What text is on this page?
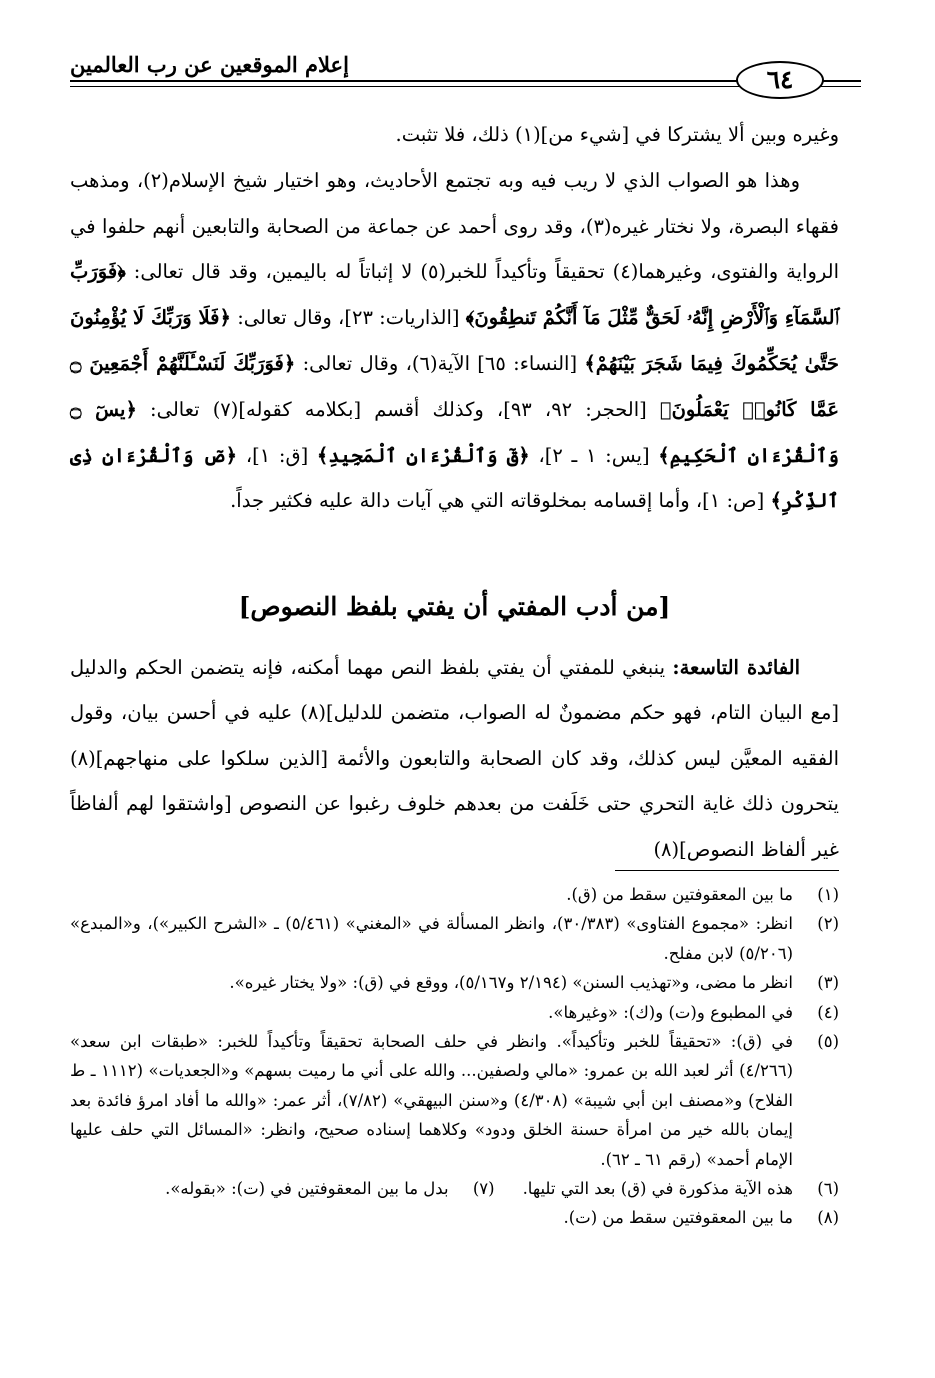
إعلام الموقعين عن رب العالمين
٦٤

وغيره وبين ألا يشتركا في [شيء من](١) ذلك، فلا تثبت.

  وهذا هو الصواب الذي لا ريب فيه وبه تجتمع الأحاديث، وهو اختيار شيخ الإسلام(٢)، ومذهب فقهاء البصرة، ولا نختار غيره(٣)، وقد روى أحمد عن جماعة من الصحابة والتابعين أنهم حلفوا في الرواية والفتوى، وغيرهما(٤) تحقيقاً وتأكيداً للخبر(٥) لا إثباتاً له باليمين، وقد قال تعالى: ﴿فَوَرَبِّ ٱلسَّمَآءِ وَٱلْأَرْضِ إِنَّهُۥ لَحَقٌّ مِّثْلَ مَآ أَنَّكُمْ تَنطِقُونَ﴾ [الذاريات: ٢٣]، وقال تعالى: ﴿فَلَا وَرَبِّكَ لَا يُؤْمِنُونَ حَتَّىٰ يُحَكِّمُوكَ فِيمَا شَجَرَ بَيْنَهُمْ﴾ [النساء: ٦٥] الآية(٦)، وقال تعالى: ﴿فَوَرَبِّكَ لَنَسْـَٔلَنَّهُمْ أَجْمَعِينَ ۝ عَمَّا كَانُوا۟ يَعْمَلُونَ﴾ [الحجر: ٩٢، ٩٣]، وكذلك أقسم [بكلامه كقوله](٧) تعالى: ﴿يسٓ ۝ وَٱلْقُرْءَانِ ٱلْحَكِيمِ﴾ [يس: ١ ـ ٢]، ﴿قٓ وَٱلْقُرْءَانِ ٱلْمَجِيدِ﴾ [ق: ١]، ﴿صٓ وَٱلْقُرْءَانِ ذِى ٱلذِّكْرِ﴾ [ص: ١]، وأما إقسامه بمخلوقاته التي هي آيات دالة عليه فكثير جداً.

[من أدب المفتي أن يفتي بلفظ النصوص]

  الفائدة التاسعة: ينبغي للمفتي أن يفتي بلفظ النص مهما أمكنه، فإنه يتضمن الحكم والدليل [مع البيان التام، فهو حكم مضمونٌ له الصواب، متضمن للدليل](٨) عليه في أحسن بيان، وقول الفقيه المعيَّن ليس كذلك، وقد كان الصحابة والتابعون والأئمة [الذين سلكوا على منهاجهم](٨) يتحرون ذلك غاية التحري حتى خَلَفت من بعدهم خلوف رغبوا عن النصوص [واشتقوا لهم ألفاظاً غير ألفاظ النصوص](٨)

(١)
ما بين المعقوفتين سقط من (ق).
(٢)
انظر: «مجموع الفتاوى» (٣٠/٣٨٣)، وانظر المسألة في «المغني» (٥/٤٦١) ـ «الشرح الكبير»)، و«المبدع» (٥/٢٠٦) لابن مفلح.
(٣)
انظر ما مضى، و«تهذيب السنن» (٢/١٩٤ و٥/١٦٧)، ووقع في (ق): «ولا يختار غيره».
(٤)
في المطبوع و(ت) و(ك): «وغيرها».
(٥)
في (ق): «تحقيقاً للخبر وتأكيداً». وانظر في حلف الصحابة تحقيقاً وتأكيداً للخبر: «طبقات ابن سعد» (٤/٢٦٦) أثر لعبد الله بن عمرو: «مالي ولصفين... والله على أني ما رميت بسهم» و«الجعديات» (١١١٢ ـ ط الفلاح) و«مصنف ابن أبي شيبة» (٤/٣٠٨) و«سنن البيهقي» (٧/٨٢)، أثر عمر: «والله ما أفاد امرؤ فائدة بعد إيمان بالله خير من امرأة حسنة الخلق ودود» وكلاهما إسناده صحيح، وانظر: «المسائل التي حلف عليها الإمام أحمد» (رقم ٦١ ـ ٦٢).
(٦)
هذه الآية مذكورة في (ق) بعد التي تليها.
(٧)
بدل ما بين المعقوفتين في (ت): «بقوله».
(٨)
ما بين المعقوفتين سقط من (ت).
